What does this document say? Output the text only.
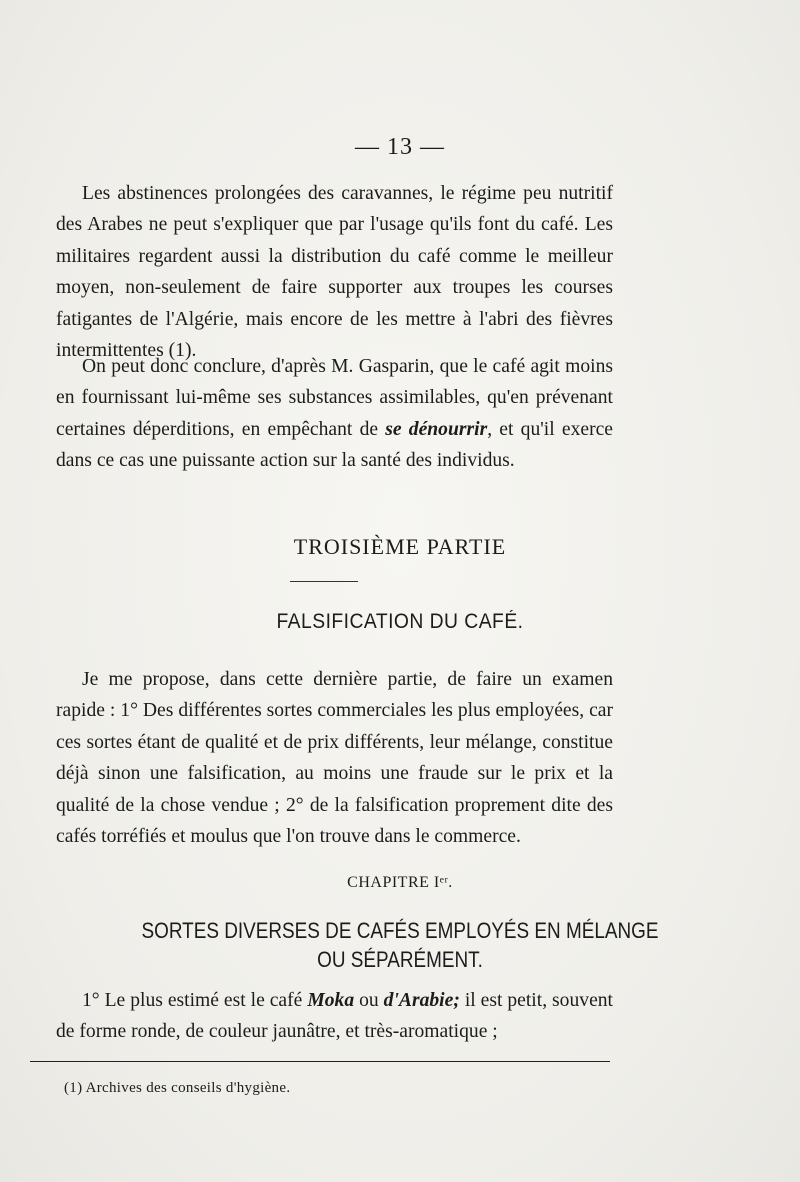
— 13 —

Les abstinences prolongées des caravannes, le régime peu nutritif des Arabes ne peut s'expliquer que par l'usage qu'ils font du café. Les militaires regardent aussi la distribution du café comme le meilleur moyen, non-seulement de faire supporter aux troupes les courses fatigantes de l'Algérie, mais encore de les mettre à l'abri des fièvres intermittentes (1).

On peut donc conclure, d'après M. Gasparin, que le café agit moins en fournissant lui-même ses substances assimilables, qu'en prévenant certaines déperditions, en empêchant de se dénourrir, et qu'il exerce dans ce cas une puissante action sur la santé des individus.

TROISIÈME PARTIE
FALSIFICATION DU CAFÉ.

Je me propose, dans cette dernière partie, de faire un examen rapide : 1° Des différentes sortes commerciales les plus employées, car ces sortes étant de qualité et de prix différents, leur mélange, constitue déjà sinon une falsification, au moins une fraude sur le prix et la qualité de la chose vendue ; 2° de la falsification proprement dite des cafés torréfiés et moulus que l'on trouve dans le commerce.

CHAPITRE Iᵉʳ.
SORTES DIVERSES DE CAFÉS EMPLOYÉS EN MÉLANGE
OU SÉPARÉMENT.

1° Le plus estimé est le café Moka ou d'Arabie; il est petit, souvent de forme ronde, de couleur jaunâtre, et très-aromatique ;

(1) Archives des conseils d'hygiène.
